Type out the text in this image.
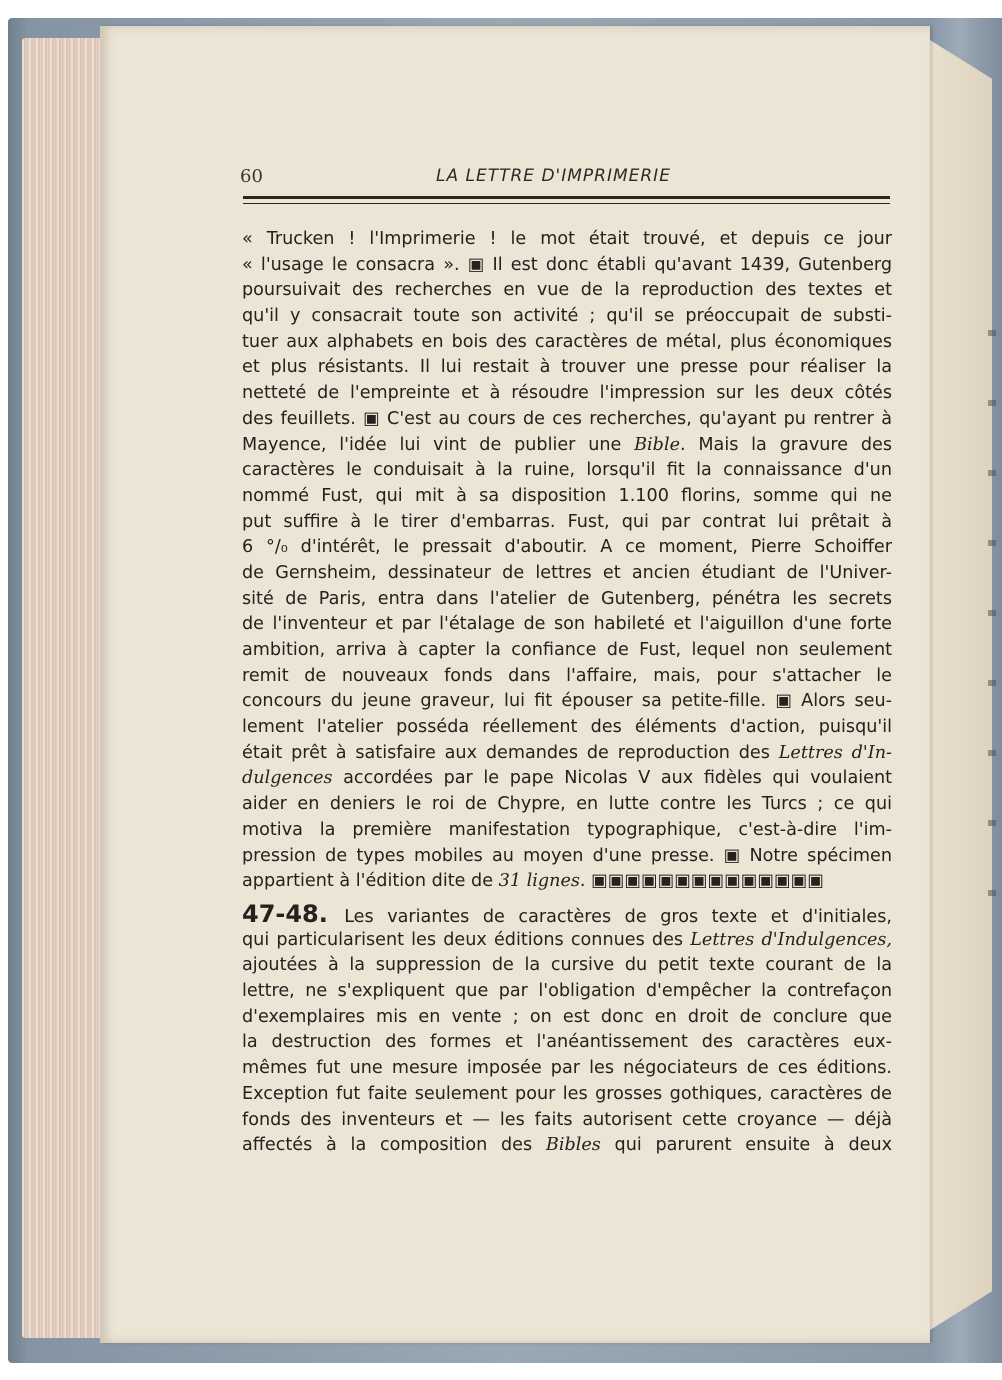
60	LA LETTRE D'IMPRIMERIE
« Trucken ! l'Imprimerie ! le mot était trouvé, et depuis ce jour
« l'usage le consacra ». ▣ Il est donc établi qu'avant 1439, Gutenberg
poursuivait des recherches en vue de la reproduction des textes et
qu'il y consacrait toute son activité ; qu'il se préoccupait de substi-
tuer aux alphabets en bois des caractères de métal, plus économiques
et plus résistants. Il lui restait à trouver une presse pour réaliser la
netteté de l'empreinte et à résoudre l'impression sur les deux côtés
des feuillets. ▣ C'est au cours de ces recherches, qu'ayant pu rentrer à
Mayence, l'idée lui vint de publier une Bible. Mais la gravure des
caractères le conduisait à la ruine, lorsqu'il fit la connaissance d'un
nommé Fust, qui mit à sa disposition 1.100 florins, somme qui ne
put suffire à le tirer d'embarras. Fust, qui par contrat lui prêtait à
6 °/₀ d'intérêt, le pressait d'aboutir. A ce moment, Pierre Schoiffer
de Gernsheim, dessinateur de lettres et ancien étudiant de l'Univer-
sité de Paris, entra dans l'atelier de Gutenberg, pénétra les secrets
de l'inventeur et par l'étalage de son habileté et l'aiguillon d'une forte
ambition, arriva à capter la confiance de Fust, lequel non seulement
remit de nouveaux fonds dans l'affaire, mais, pour s'attacher le
concours du jeune graveur, lui fit épouser sa petite-fille. ▣ Alors seu-
lement l'atelier posséda réellement des éléments d'action, puisqu'il
était prêt à satisfaire aux demandes de reproduction des Lettres d'In-
dulgences accordées par le pape Nicolas V aux fidèles qui voulaient
aider en deniers le roi de Chypre, en lutte contre les Turcs ; ce qui
motiva la première manifestation typographique, c'est-à-dire l'im-
pression de types mobiles au moyen d'une presse. ▣ Notre spécimen
appartient à l'édition dite de 31 lignes. ▣▣▣▣▣▣▣▣▣▣▣▣▣▣
47-48. Les variantes de caractères de gros texte et d'initiales,
qui particularisent les deux éditions connues des Lettres d'Indulgences,
ajoutées à la suppression de la cursive du petit texte courant de la
lettre, ne s'expliquent que par l'obligation d'empêcher la contrefaçon
d'exemplaires mis en vente ; on est donc en droit de conclure que
la destruction des formes et l'anéantissement des caractères eux-
mêmes fut une mesure imposée par les négociateurs de ces éditions.
Exception fut faite seulement pour les grosses gothiques, caractères de
fonds des inventeurs et — les faits autorisent cette croyance — déjà
affectés à la composition des Bibles qui parurent ensuite à deux
